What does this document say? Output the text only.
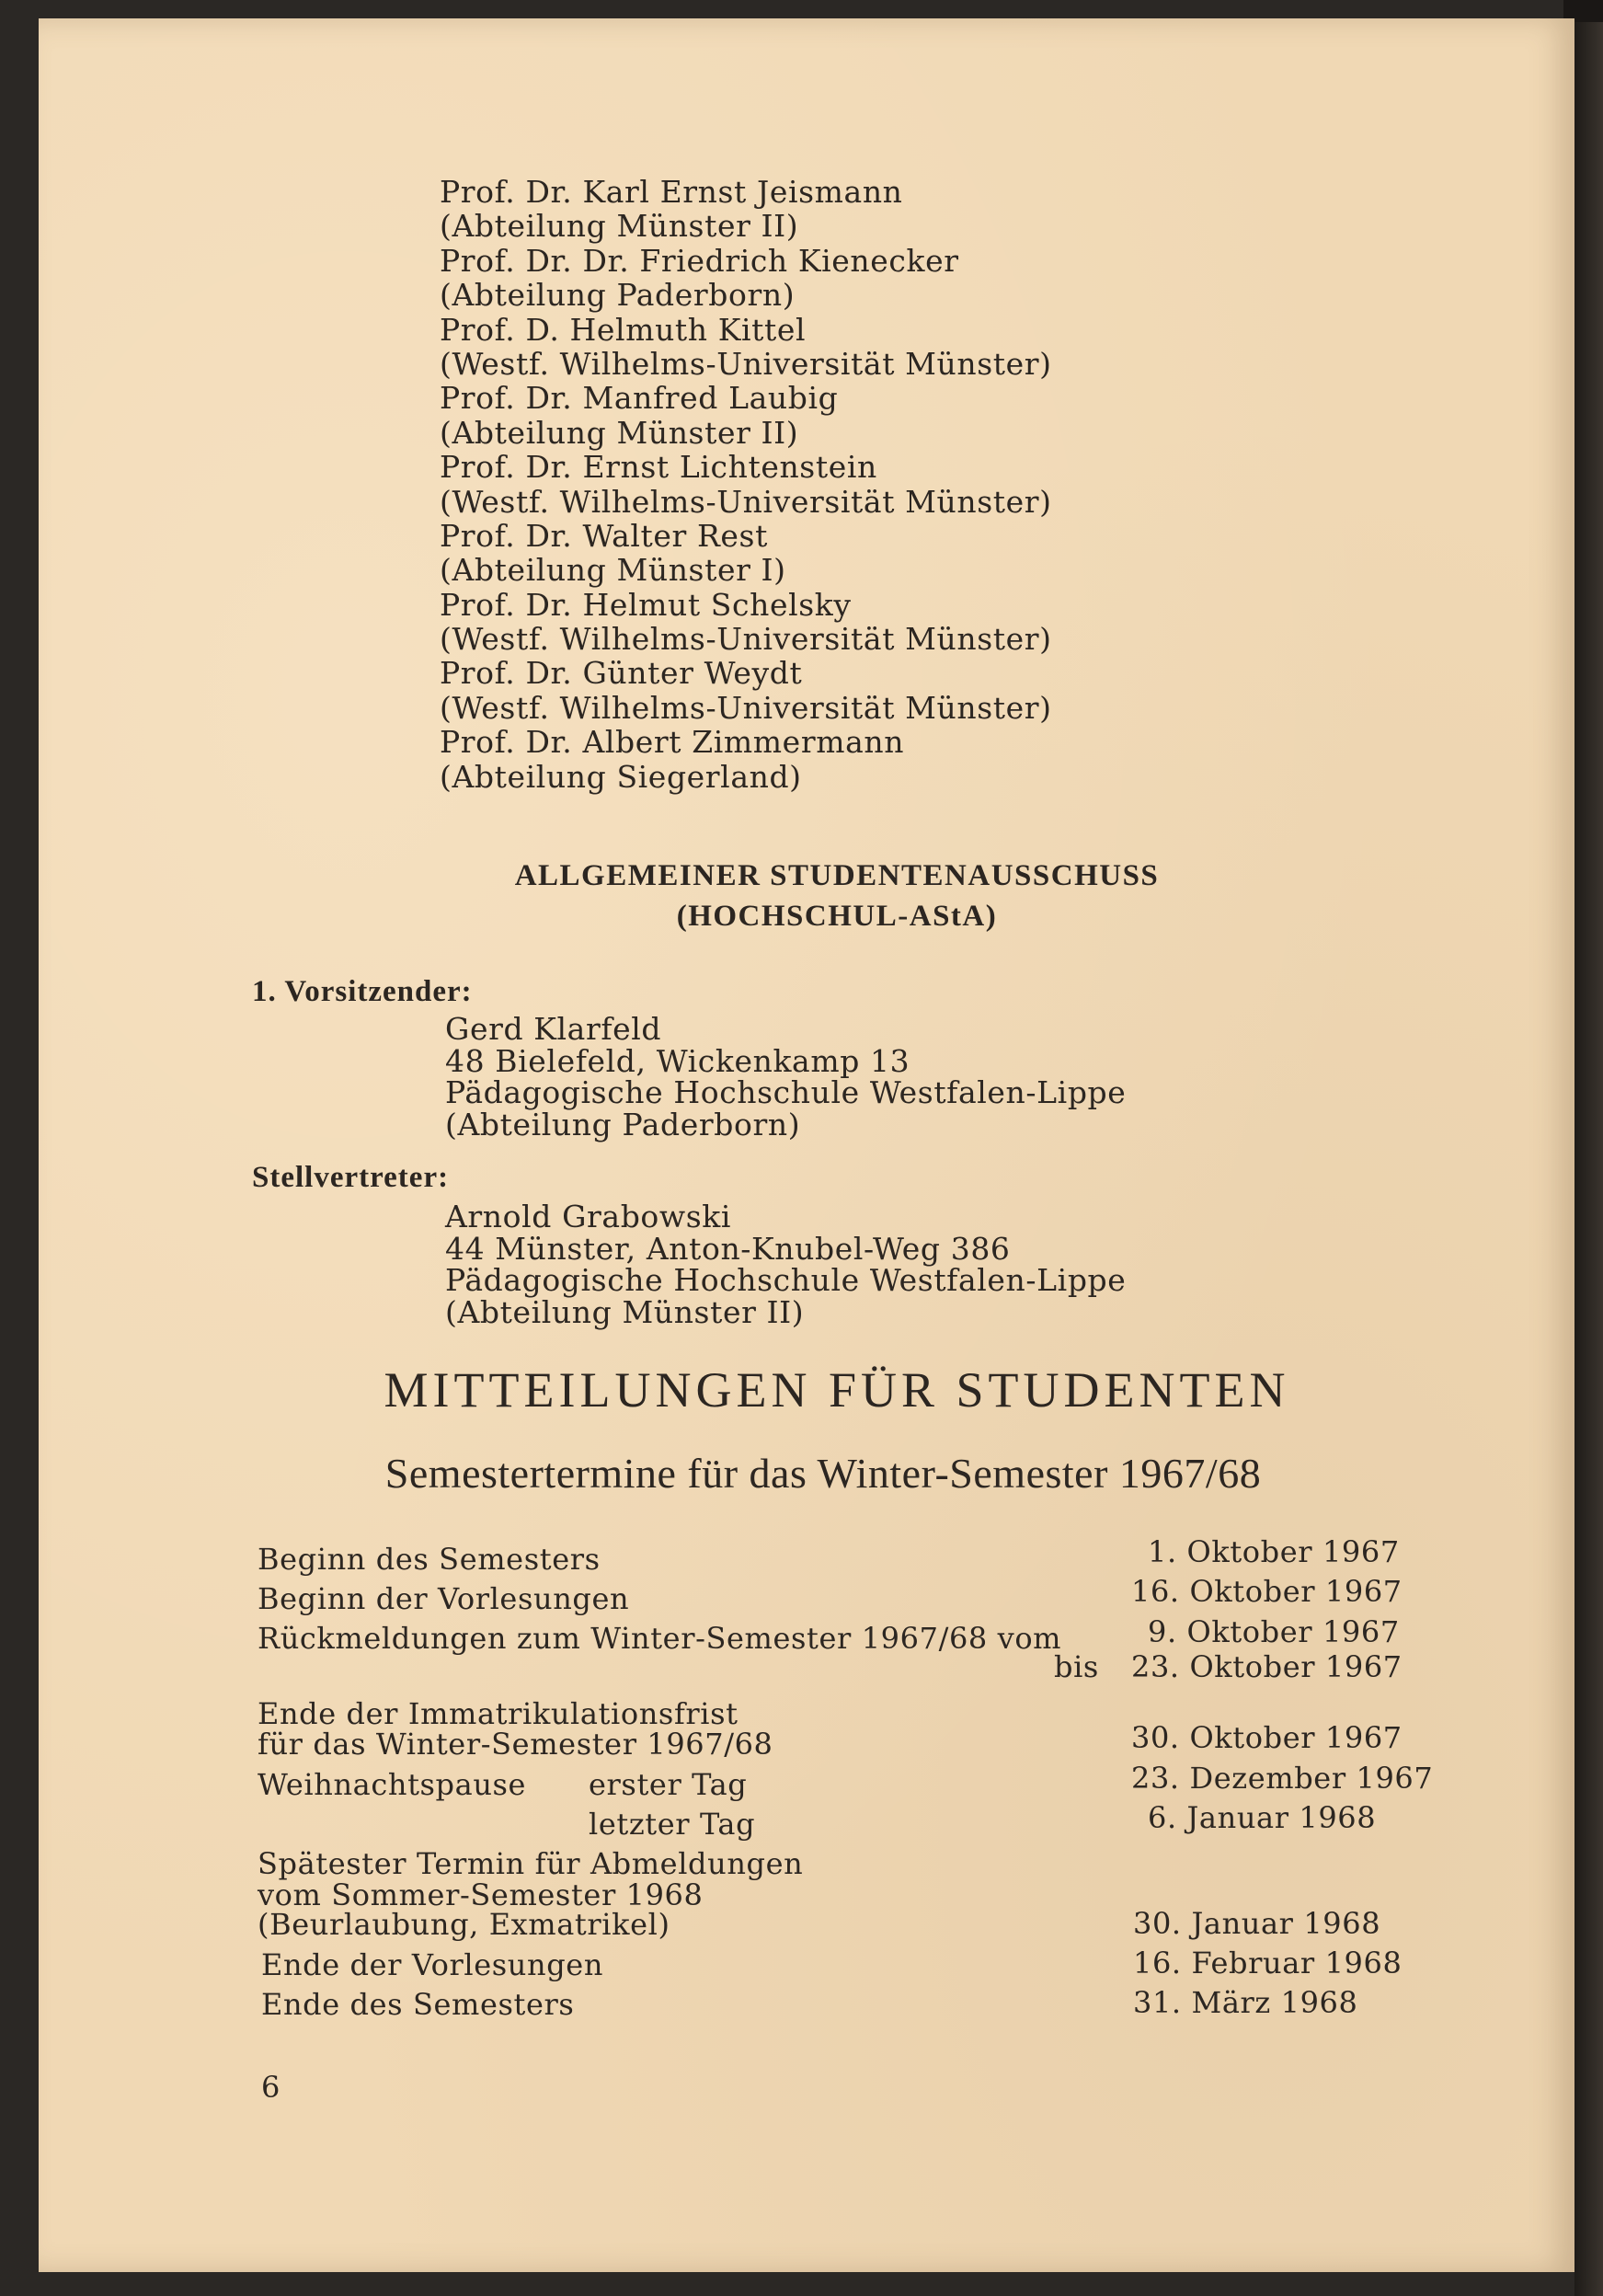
Prof. Dr. Karl Ernst Jeismann
(Abteilung Münster II)
Prof. Dr. Dr. Friedrich Kienecker
(Abteilung Paderborn)
Prof. D. Helmuth Kittel
(Westf. Wilhelms-Universität Münster)
Prof. Dr. Manfred Laubig
(Abteilung Münster II)
Prof. Dr. Ernst Lichtenstein
(Westf. Wilhelms-Universität Münster)
Prof. Dr. Walter Rest
(Abteilung Münster I)
Prof. Dr. Helmut Schelsky
(Westf. Wilhelms-Universität Münster)
Prof. Dr. Günter Weydt
(Westf. Wilhelms-Universität Münster)
Prof. Dr. Albert Zimmermann
(Abteilung Siegerland)
ALLGEMEINER STUDENTENAUSSCHUSS
(HOCHSCHUL-AStA)
1. Vorsitzender:
Gerd Klarfeld
48 Bielefeld, Wickenkamp 13
Pädagogische Hochschule Westfalen-Lippe
(Abteilung Paderborn)
Stellvertreter:
Arnold Grabowski
44 Münster, Anton-Knubel-Weg 386
Pädagogische Hochschule Westfalen-Lippe
(Abteilung Münster II)
MITTEILUNGEN FÜR STUDENTEN
Semestertermine für das Winter-Semester 1967/68
Beginn des Semesters	1. Oktober 1967
Beginn der Vorlesungen	16. Oktober 1967
Rückmeldungen zum Winter-Semester 1967/68 vom	9. Oktober 1967
bis 23. Oktober 1967
Ende der Immatrikulationsfrist
für das Winter-Semester 1967/68	30. Oktober 1967
Weihnachtspause erster Tag	23. Dezember 1967
letzter Tag	6. Januar 1968
Spätester Termin für Abmeldungen
vom Sommer-Semester 1968
(Beurlaubung, Exmatrikel)	30. Januar 1968
Ende der Vorlesungen	16. Februar 1968
Ende des Semesters	31. März 1968
6
